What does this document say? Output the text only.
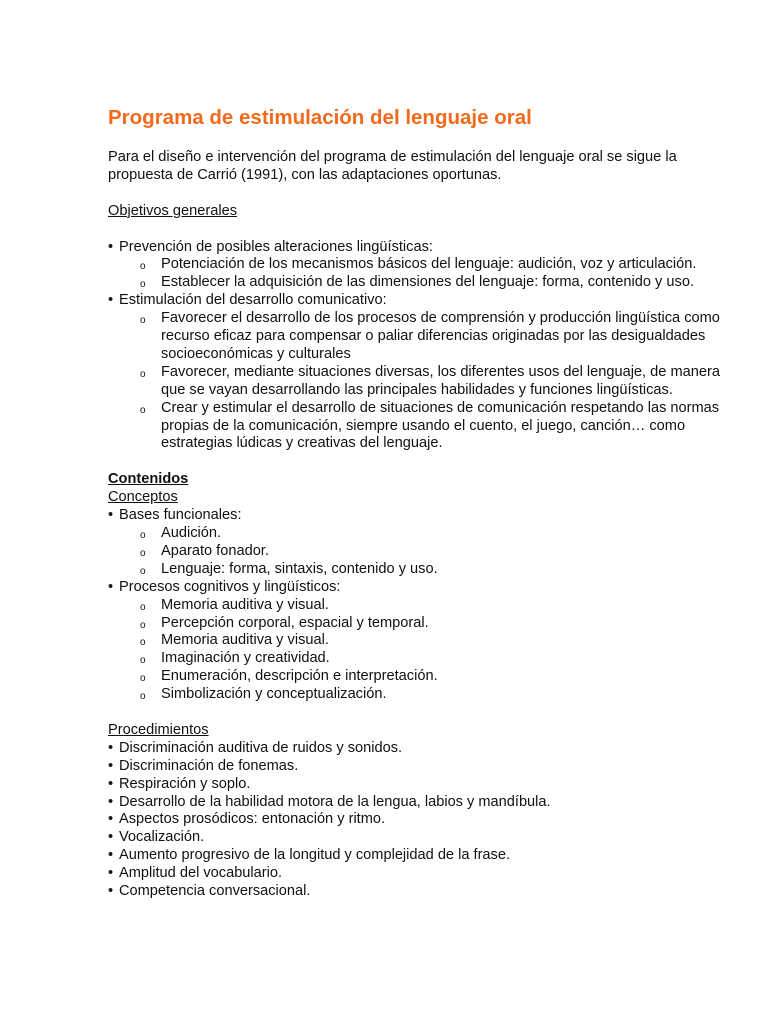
Programa de estimulación del lenguaje oral

Para el diseño e intervención del programa de estimulación del lenguaje oral se sigue la propuesta de Carrió (1991), con las adaptaciones oportunas.

Objetivos generales

• Prevención de posibles alteraciones lingüísticas:
o Potenciación de los mecanismos básicos del lenguaje: audición, voz y articulación.
o Establecer la adquisición de las dimensiones del lenguaje: forma, contenido y uso.
• Estimulación del desarrollo comunicativo:
o Favorecer el desarrollo de los procesos de comprensión y producción lingüística como recurso eficaz para compensar o paliar diferencias originadas por las desigualdades socioeconómicas y culturales
o Favorecer, mediante situaciones diversas, los diferentes usos del lenguaje, de manera que se vayan desarrollando las principales habilidades y funciones lingüísticas.
o Crear y estimular el desarrollo de situaciones de comunicación respetando las normas propias de la comunicación, siempre usando el cuento, el juego, canción… como estrategias lúdicas y creativas del lenguaje.

Contenidos

Conceptos

• Bases funcionales:
o Audición.
o Aparato fonador.
o Lenguaje: forma, sintaxis, contenido y uso.
• Procesos cognitivos y lingüísticos:
o Memoria auditiva y visual.
o Percepción corporal, espacial y temporal.
o Memoria auditiva y visual.
o Imaginación y creatividad.
o Enumeración, descripción e interpretación.
o Simbolización y conceptualización.

Procedimientos

• Discriminación auditiva de ruidos y sonidos.
• Discriminación de fonemas.
• Respiración y soplo.
• Desarrollo de la habilidad motora de la lengua, labios y mandíbula.
• Aspectos prosódicos: entonación y ritmo.
• Vocalización.
• Aumento progresivo de la longitud y complejidad de la frase.
• Amplitud del vocabulario.
• Competencia conversacional.
